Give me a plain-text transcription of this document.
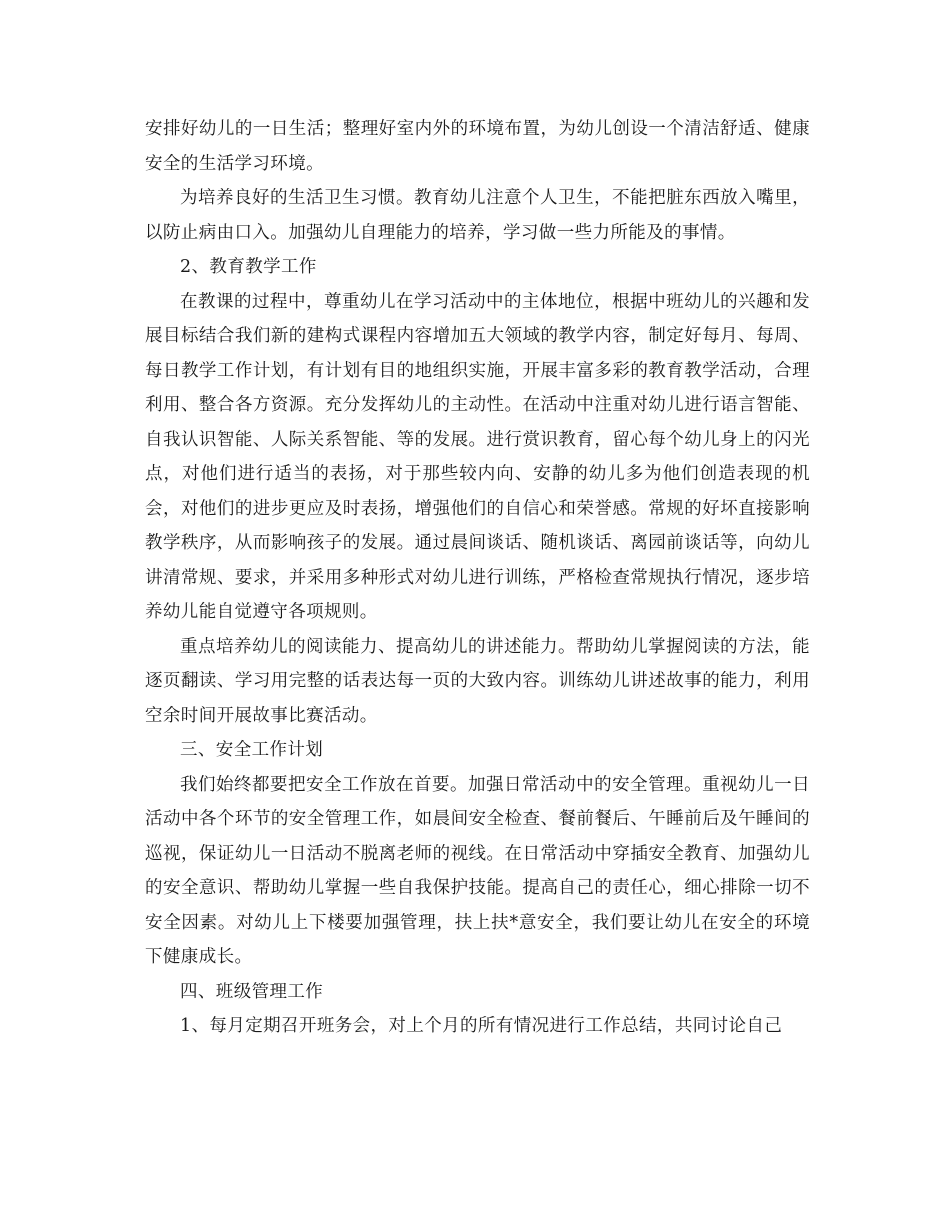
安排好幼儿的一日生活；整理好室内外的环境布置，为幼儿创设一个清洁舒适、健康安全的生活学习环境。

为培养良好的生活卫生习惯。教育幼儿注意个人卫生，不能把脏东西放入嘴里，以防止病由口入。加强幼儿自理能力的培养，学习做一些力所能及的事情。

2、教育教学工作

在教课的过程中，尊重幼儿在学习活动中的主体地位，根据中班幼儿的兴趣和发展目标结合我们新的建构式课程内容增加五大领域的教学内容，制定好每月、每周、每日教学工作计划，有计划有目的地组织实施，开展丰富多彩的教育教学活动，合理利用、整合各方资源。充分发挥幼儿的主动性。在活动中注重对幼儿进行语言智能、自我认识智能、人际关系智能、等的发展。进行赏识教育，留心每个幼儿身上的闪光点，对他们进行适当的表扬，对于那些较内向、安静的幼儿多为他们创造表现的机会，对他们的进步更应及时表扬，增强他们的自信心和荣誉感。常规的好坏直接影响教学秩序，从而影响孩子的发展。通过晨间谈话、随机谈话、离园前谈话等，向幼儿讲清常规、要求，并采用多种形式对幼儿进行训练，严格检查常规执行情况，逐步培养幼儿能自觉遵守各项规则。

重点培养幼儿的阅读能力、提高幼儿的讲述能力。帮助幼儿掌握阅读的方法，能逐页翻读、学习用完整的话表达每一页的大致内容。训练幼儿讲述故事的能力，利用空余时间开展故事比赛活动。

三、安全工作计划

我们始终都要把安全工作放在首要。加强日常活动中的安全管理。重视幼儿一日活动中各个环节的安全管理工作，如晨间安全检查、餐前餐后、午睡前后及午睡间的巡视，保证幼儿一日活动不脱离老师的视线。在日常活动中穿插安全教育、加强幼儿的安全意识、帮助幼儿掌握一些自我保护技能。提高自己的责任心，细心排除一切不安全因素。对幼儿上下楼要加强管理，扶上扶*意安全，我们要让幼儿在安全的环境下健康成长。

四、班级管理工作

1、每月定期召开班务会，对上个月的所有情况进行工作总结，共同讨论自己
